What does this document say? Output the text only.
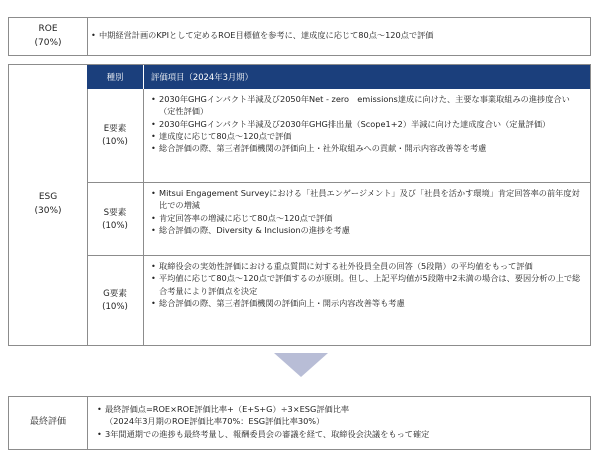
ROE
(70%)
• 中期経営計画のKPIとして定めるROE目標値を参考に、達成度に応じて80点～120点で評価
ESG
(30%)
種別	評価項目（2024年3月期）
E要素
(10%)
• 2030年GHGインパクト半減及び2050年Net - zero　emissions達成に向けた、主要な事業取組みの進捗度合い（定性評価）
• 2030年GHGインパクト半減及び2030年GHG排出量（Scope1+2）半減に向けた達成度合い（定量評価）
• 達成度に応じて80点～120点で評価
• 総合評価の際、第三者評価機関の評価向上・社外取組みへの貢献・開示内容改善等を考慮
S要素
(10%)
• Mitsui Engagement Surveyにおける「社員エンゲージメント」及び「社員を活かす環境」肯定回答率の前年度対比での増減
• 肯定回答率の増減に応じて80点～120点で評価
• 総合評価の際、Diversity & Inclusionの進捗を考慮
G要素
(10%)
• 取締役会の実効性評価における重点質問に対する社外役員全員の回答（5段階）の平均値をもって評価
• 平均値に応じて80点～120点で評価するのが原則。但し、上記平均値が5段階中2未満の場合は、要因分析の上で総合考量により評価点を決定
• 総合評価の際、第三者評価機関の評価向上・開示内容改善等も考慮
最終評価
• 最終評価点=ROE×ROE評価比率+（E+S+G）÷3×ESG評価比率
（2024年3月期のROE評価比率70%：ESG評価比率30%）
• 3年間通期での進捗も最終考量し、報酬委員会の審議を経て、取締役会決議をもって確定
